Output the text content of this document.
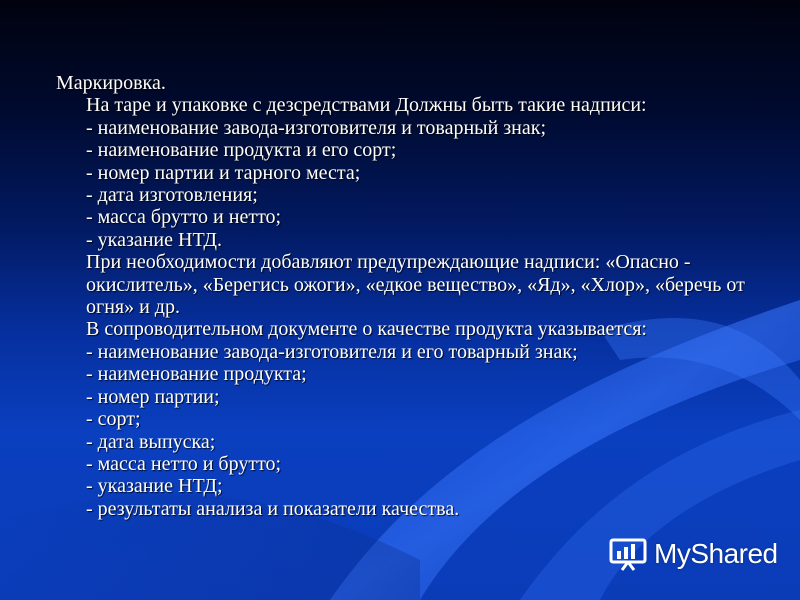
Маркировка.

На таре и упаковке с дезсредствами Должны быть такие надписи:

- наименование завода-изготовителя и товарный знак;

- наименование продукта и его сорт;

- номер партии и тарного места;

- дата изготовления;

- масса брутто и нетто;

- указание НТД.

При необходимости добавляют предупреждающие надписи: «Опасно - окислитель», «Берегись ожоги», «едкое вещество», «Яд», «Хлор», «беречь от огня» и др.

В сопроводительном документе о качестве продукта указывается:

- наименование завода-изготовителя и его товарный знак;

- наименование продукта;

- номер партии;

- сорт;

- дата выпуска;

- масса нетто и брутто;

- указание НТД;

- результаты анализа и показатели качества.

MyShared
